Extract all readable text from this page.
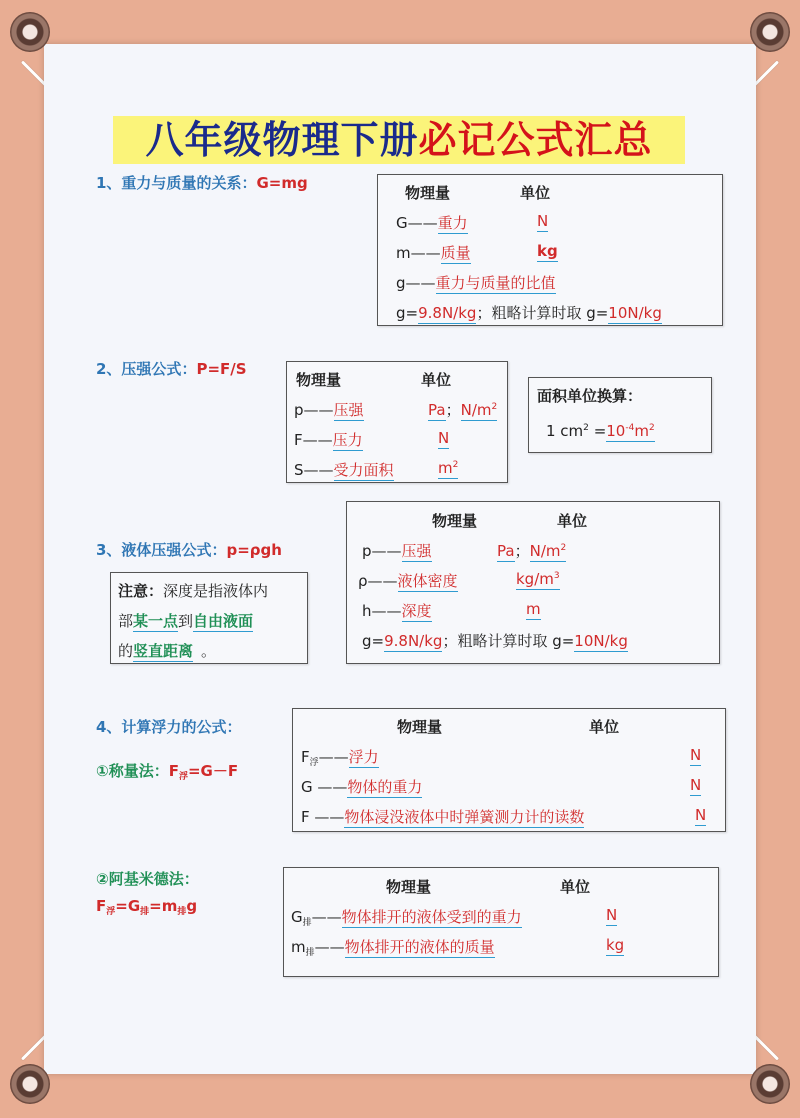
八年级物理下册必记公式汇总
1、重力与质量的关系：G=mg
物理量	单位
G——重力	N
m——质量	kg
g——重力与质量的比值
g=9.8N/kg；粗略计算时取 g=10N/kg
2、压强公式：P=F/S
物理量	单位
p——压强	Pa；$N/m^2$
F——压力	N
S——受力面积	$m^2$
面积单位换算：
1 $cm^2 =10^{-4}m^2$
3、液体压强公式：p=ρgh
物理量	单位
p——压强	Pa；$N/m^2$
ρ——液体密度	$kg/m^3$
h——深度	m
g=9.8N/kg；粗略计算时取 g=10N/kg
注意：深度是指液体内
部某一点到自由液面
的竖直距离 。
4、计算浮力的公式：
①称量法：$F_浮=G-F$
物理量	单位
$F_浮——$浮力	N
G ——物体的重力	N
F ——物体浸没液体中时弹簧测力计的读数	N
②阿基米德法：
$F_浮=G_排=m_排g$
物理量	单位
$G_排——$物体排开的液体受到的重力	N
$m_排——$物体排开的液体的质量	kg
